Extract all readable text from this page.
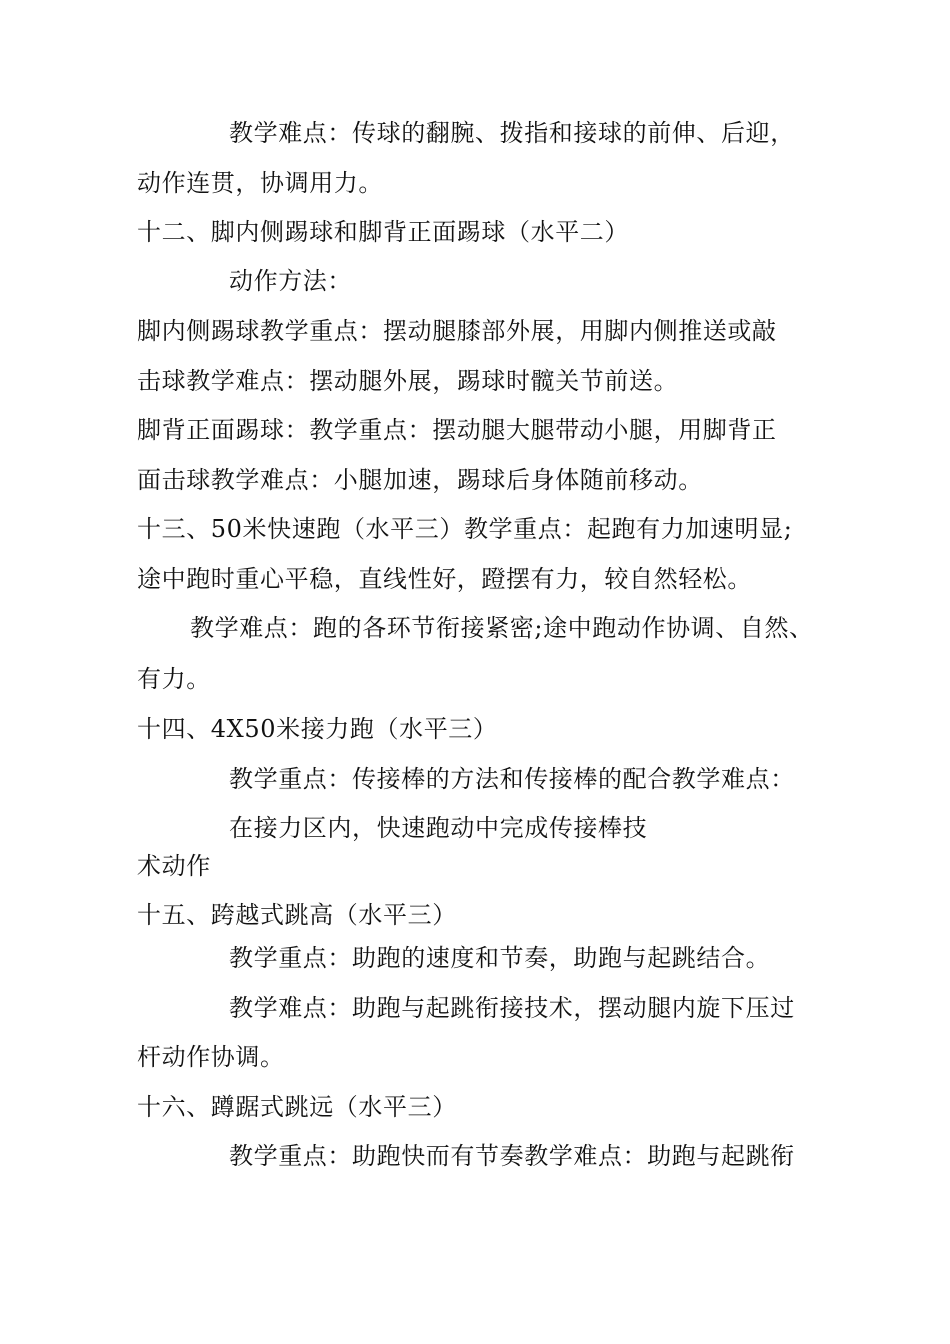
教学难点：传球的翻腕、拨指和接球的前伸、后迎，
动作连贯，协调用力。
十二、脚内侧踢球和脚背正面踢球（水平二）
动作方法：
脚内侧踢球教学重点：摆动腿膝部外展，用脚内侧推送或敲
击球教学难点：摆动腿外展，踢球时髋关节前送。
脚背正面踢球：教学重点：摆动腿大腿带动小腿，用脚背正
面击球教学难点：小腿加速，踢球后身体随前移动。
十三、50米快速跑（水平三）教学重点：起跑有力加速明显;
途中跑时重心平稳，直线性好，蹬摆有力，较自然轻松。
教学难点：跑的各环节衔接紧密;途中跑动作协调、自然、
有力。
十四、4X50米接力跑（水平三）
教学重点：传接棒的方法和传接棒的配合教学难点：
在接力区内，快速跑动中完成传接棒技
术动作
十五、跨越式跳高（水平三）
教学重点：助跑的速度和节奏，助跑与起跳结合。
教学难点：助跑与起跳衔接技术，摆动腿内旋下压过
杆动作协调。
十六、蹲踞式跳远（水平三）
教学重点：助跑快而有节奏教学难点：助跑与起跳衔
